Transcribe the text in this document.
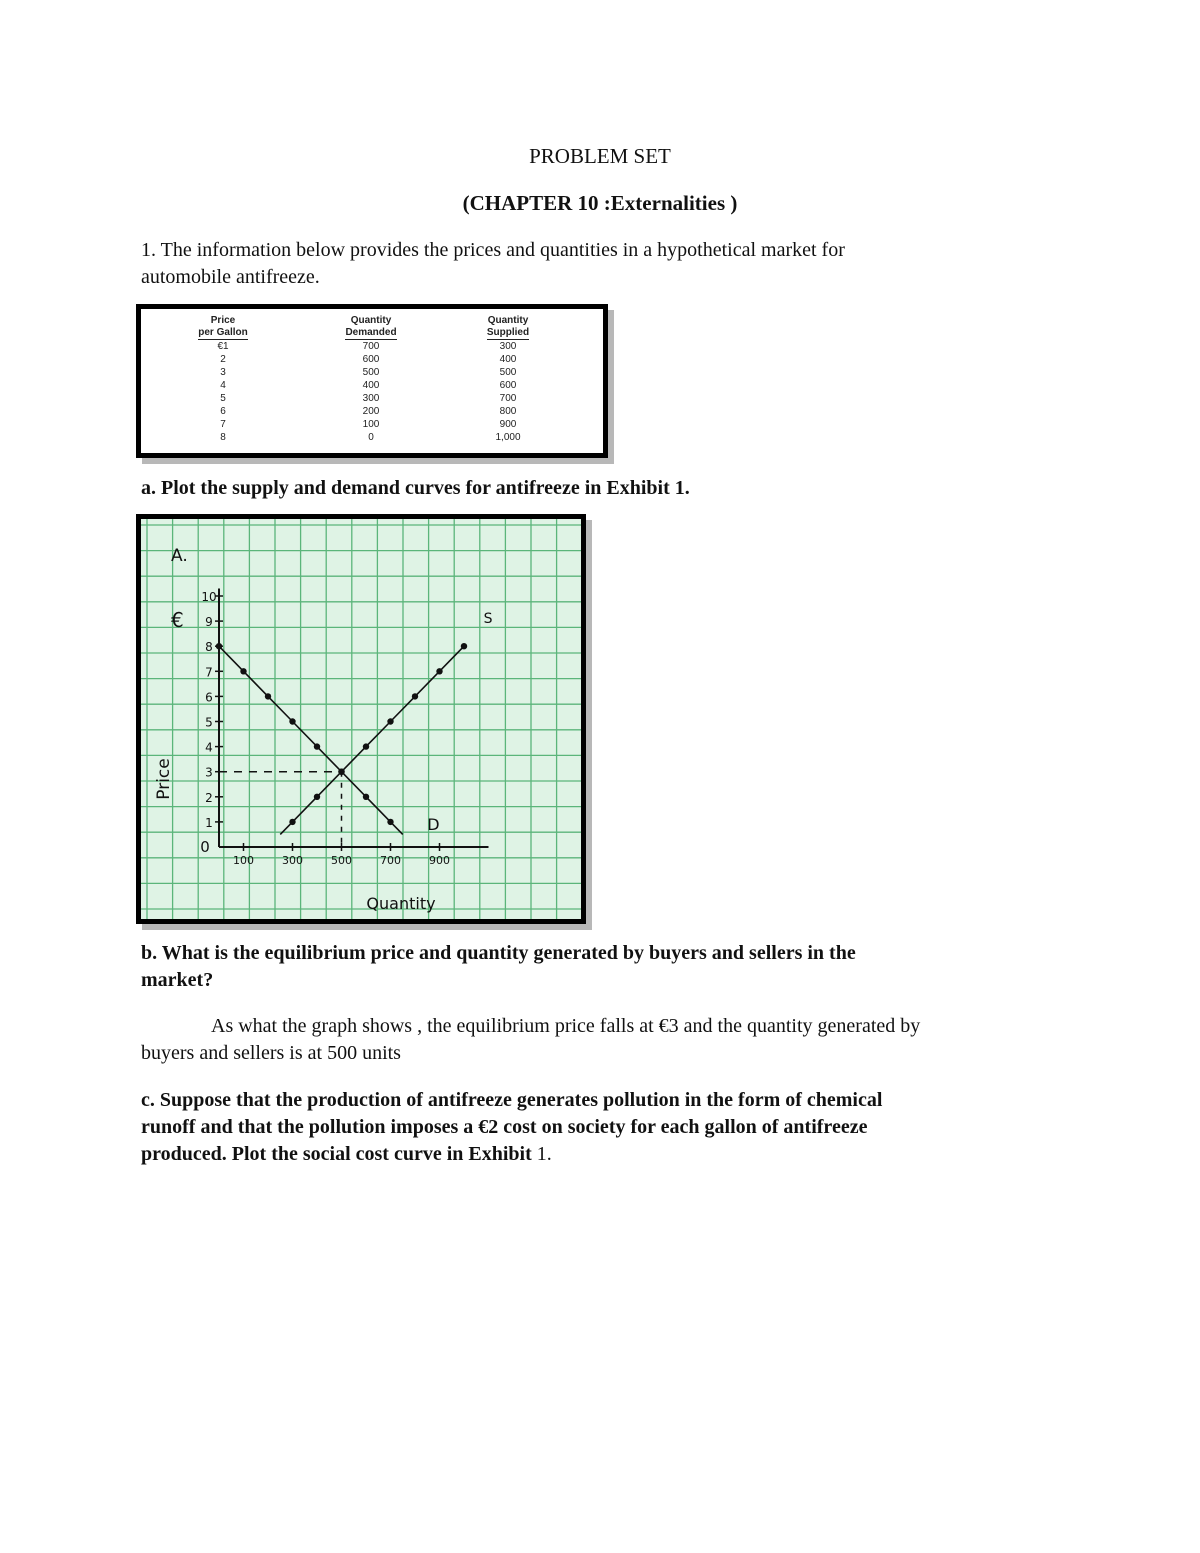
PROBLEM SET
(CHAPTER 10 :Externalities )
1. The information below provides the prices and quantities in a hypothetical market for
automobile antifreeze.
Price	Quantity	Quantity
per Gallon	Demanded	Supplied
€1	700	300
2	600	400
3	500	500
4	400	600
5	300	700
6	200	800
7	100	900
8	0	1,000
a. Plot the supply and demand curves for antifreeze in Exhibit 1.
0
1
2
3
4
5
6
7
8
9
10
100	300	500	700	900
D
S
A.
€
Price
Quantity
b. What is the equilibrium price and quantity generated by buyers and sellers in the
market?
As what the graph shows , the equilibrium price falls at €3 and the quantity generated by
buyers and sellers is at 500 units
c. Suppose that the production of antifreeze generates pollution in the form of chemical
runoff and that the pollution imposes a €2 cost on society for each gallon of antifreeze
produced. Plot the social cost curve in Exhibit 1.
